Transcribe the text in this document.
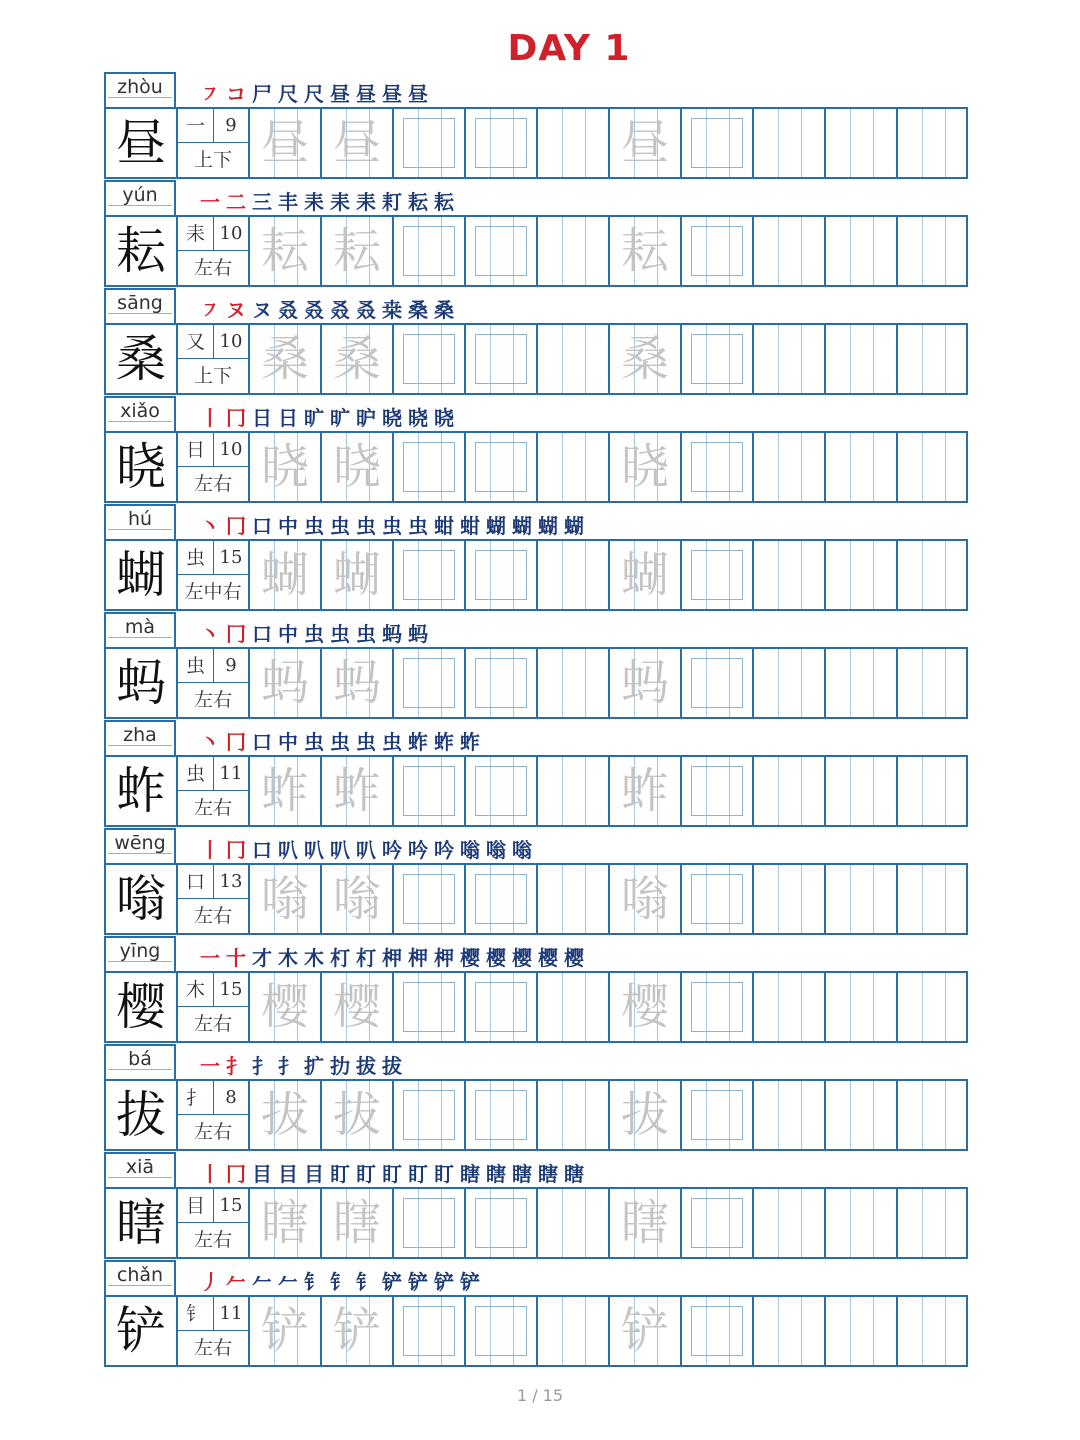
DAY 1
zhòu	㇇コ尸尺尺昼昼昼昼
昼	一	9
上下 昼 昼	昼
yún	一二三丰耒耒耒耓耘耘
耘	耒 10
左右 耘 耘	耘
sāng	㇇ヌヌ叒叒叒叒桒桑桑
桑	又 10
上下 桑 桑	桑
xiǎo	丨冂日日旷旷昈晓晓晓
晓	日 10
左右 晓 晓	晓
hú	丶冂口中虫虫虫虫虫蚶蚶蝴蝴蝴蝴
蝴	虫 15
左中右 蝴 蝴	蝴
mà	丶冂口中虫虫虫蚂蚂
蚂	虫	9
左右 蚂 蚂	蚂
zha	丶冂口中虫虫虫虫蚱蚱蚱
蚱	虫 11
左右 蚱 蚱	蚱
wēng	丨冂口叭叭叭叭吟吟吟嗡嗡嗡
嗡	口 13
左右 嗡 嗡	嗡
yīng	一十才木木朾朾柙柙柙樱樱樱樱樱
樱	木 15
左右 樱 樱	樱
bá	一扌扌扌扩扐拔拔
拔	扌	8
左右 拔 拔	拔
xiā	丨冂目目目盯盯盯盯盯瞎瞎瞎瞎瞎
瞎	目 15
左右 瞎 瞎	瞎
chǎn	丿𠂉𠂉𠂉钅钅钅铲铲铲铲
铲	钅 11
左右 铲 铲	铲
1 / 15
